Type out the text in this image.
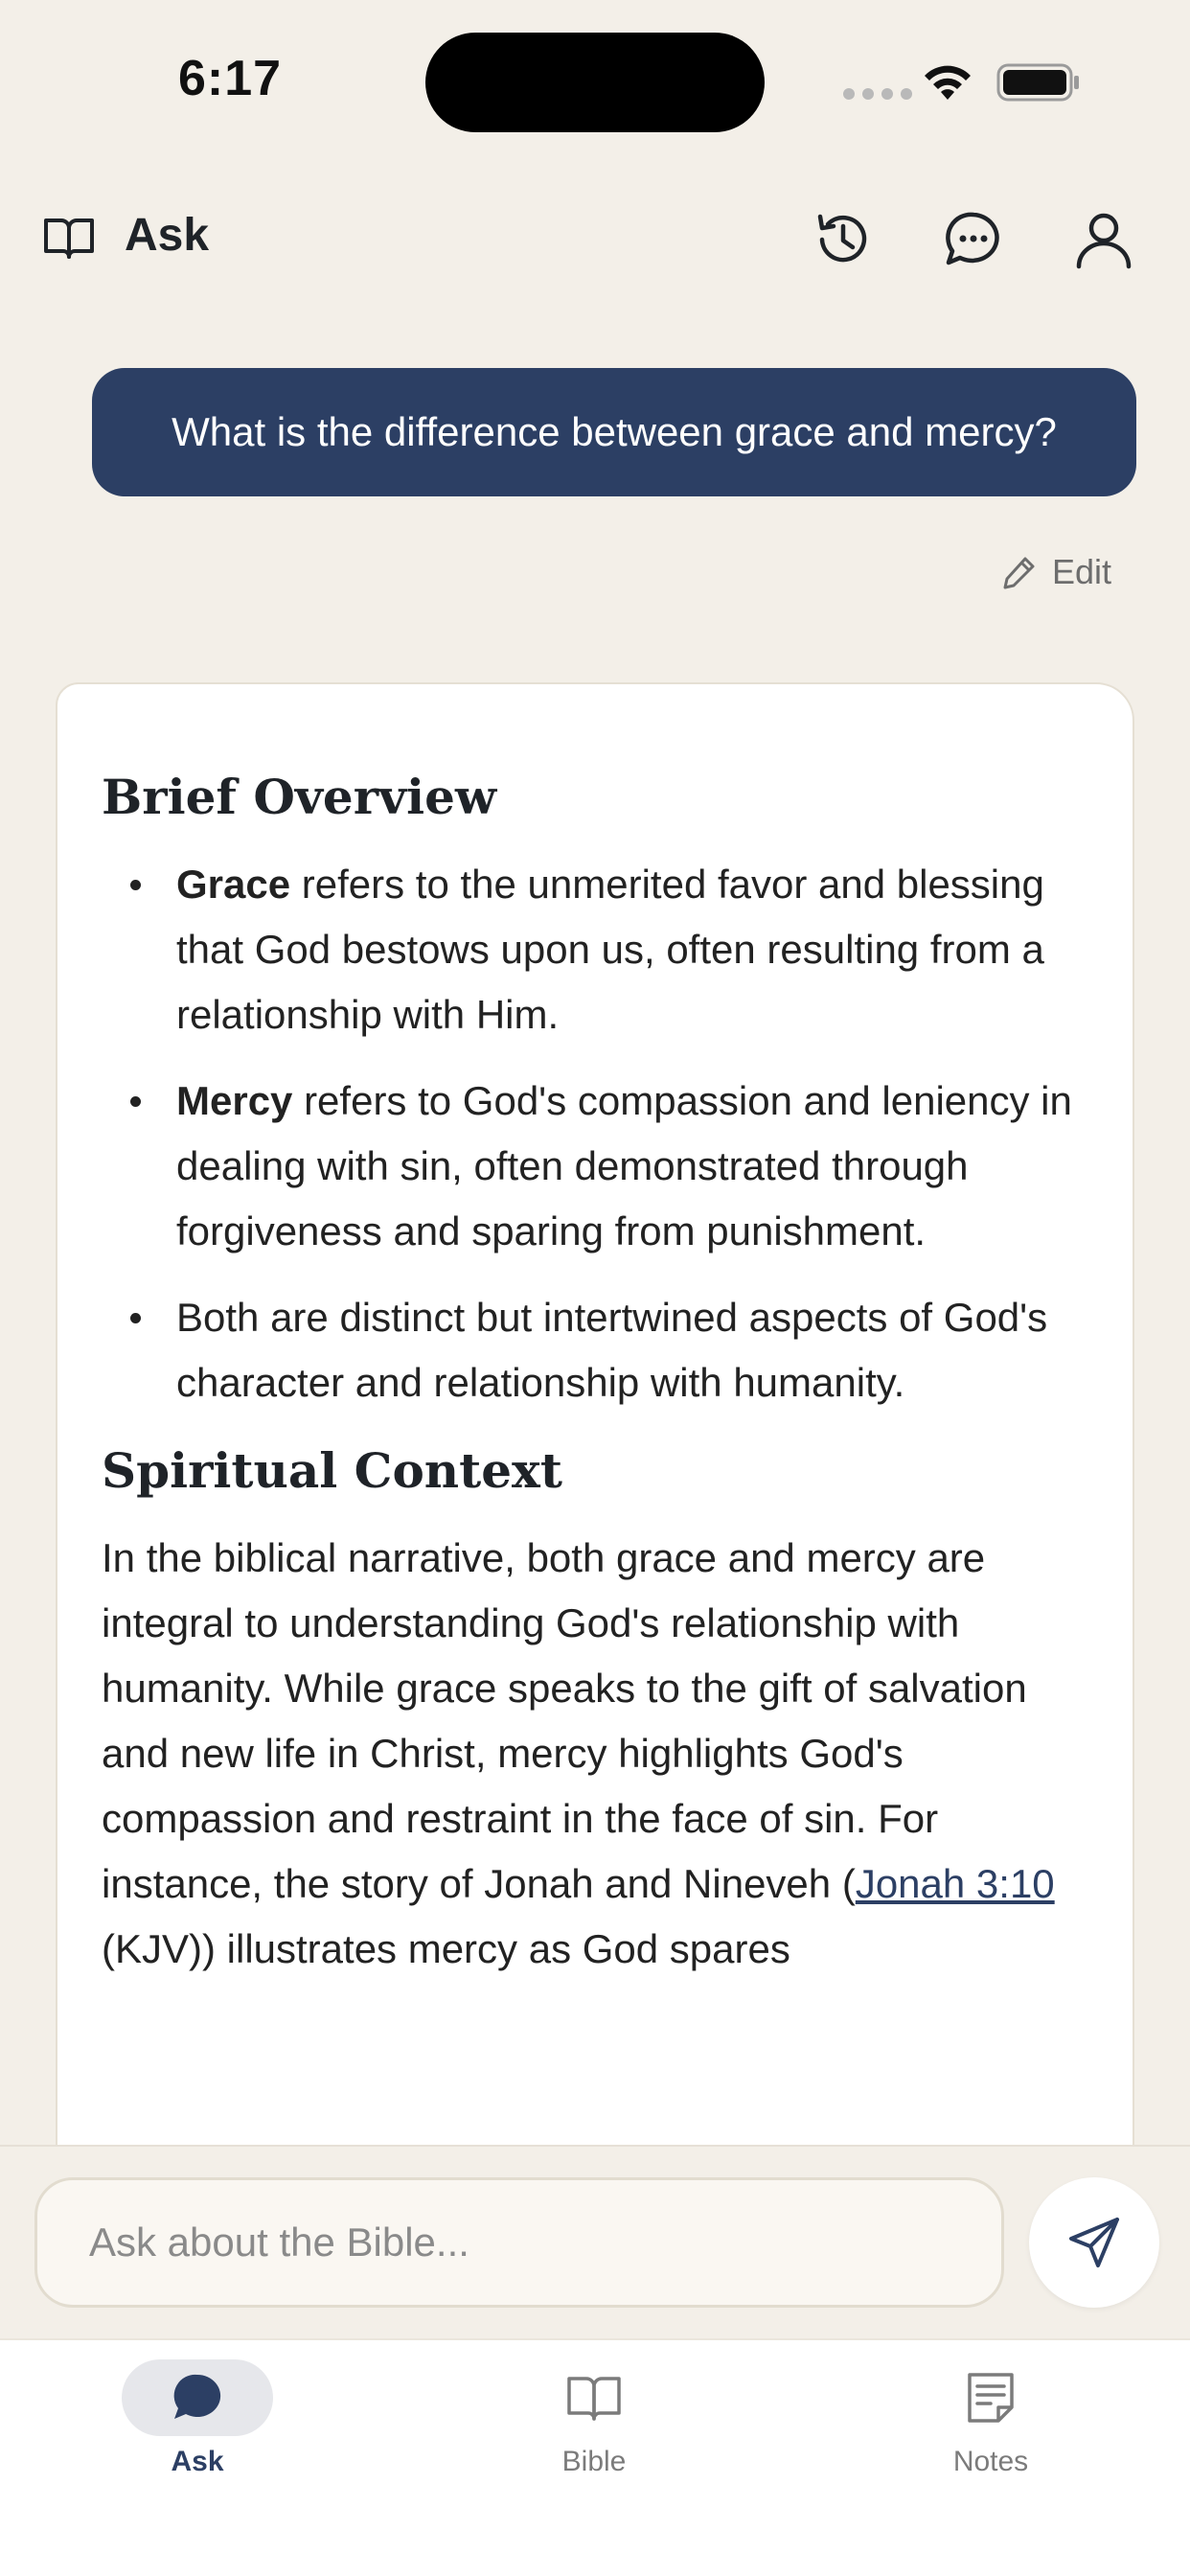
6:17
Ask
What is the difference between grace and mercy?
Edit
Brief Overview
Grace refers to the unmerited favor and blessing that God bestows upon us, often resulting from a relationship with Him.
Mercy refers to God's compassion and leniency in dealing with sin, often demonstrated through forgiveness and sparing from punishment.
Both are distinct but intertwined aspects of God's character and relationship with humanity.
Spiritual Context

In the biblical narrative, both grace and mercy are integral to understanding God's relationship with humanity. While grace speaks to the gift of salvation and new life in Christ, mercy highlights God's compassion and restraint in the face of sin. For instance, the story of Jonah and Nineveh (Jonah 3:10 (KJV)) illustrates mercy as God spares

Ask about the Bible...
Ask	Bible	Notes
